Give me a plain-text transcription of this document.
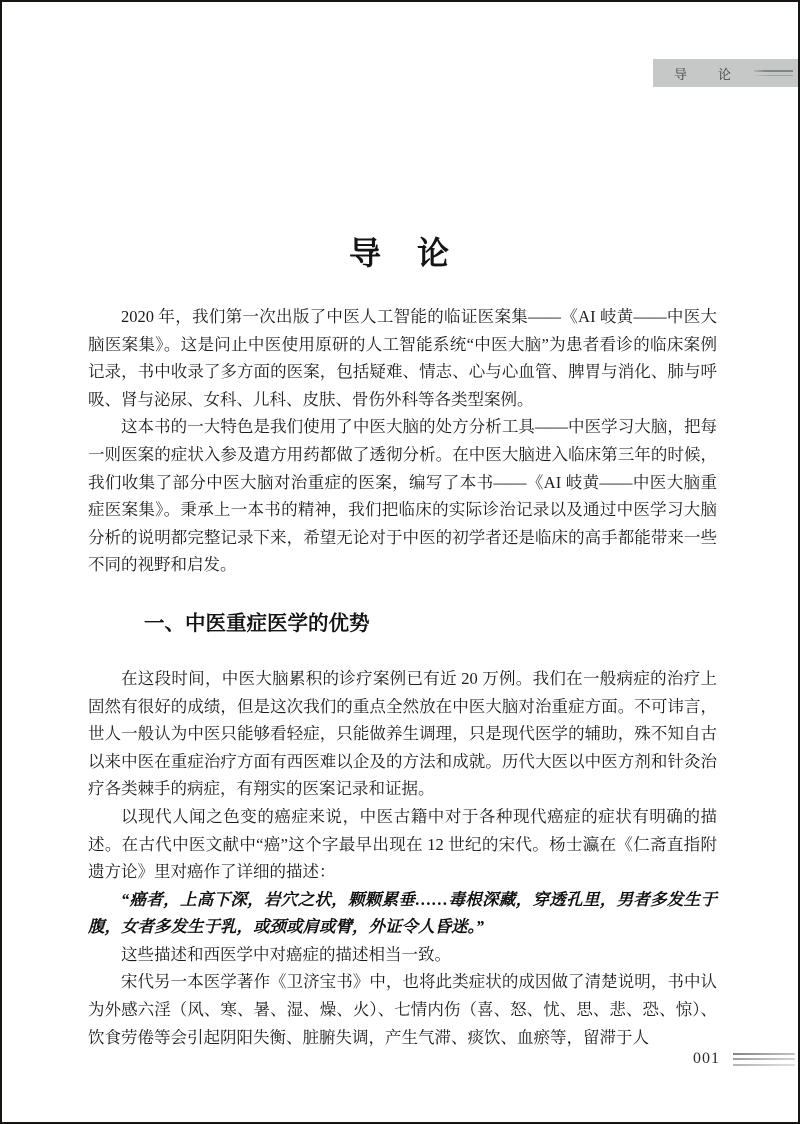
导　论
导　论

2020 年，我们第一次出版了中医人工智能的临证医案集——《AI 岐黄——中医大脑医案集》。这是问止中医使用原研的人工智能系统“中医大脑”为患者看诊的临床案例记录，书中收录了多方面的医案，包括疑难、情志、心与心血管、脾胃与消化、肺与呼吸、肾与泌尿、女科、儿科、皮肤、骨伤外科等各类型案例。

这本书的一大特色是我们使用了中医大脑的处方分析工具——中医学习大脑，把每一则医案的症状入参及遣方用药都做了透彻分析。在中医大脑进入临床第三年的时候，我们收集了部分中医大脑对治重症的医案，编写了本书——《AI 岐黄——中医大脑重症医案集》。秉承上一本书的精神，我们把临床的实际诊治记录以及通过中医学习大脑分析的说明都完整记录下来，希望无论对于中医的初学者还是临床的高手都能带来一些不同的视野和启发。

一、中医重症医学的优势

在这段时间，中医大脑累积的诊疗案例已有近 20 万例。我们在一般病症的治疗上固然有很好的成绩，但是这次我们的重点全然放在中医大脑对治重症方面。不可讳言，世人一般认为中医只能够看轻症，只能做养生调理，只是现代医学的辅助，殊不知自古以来中医在重症治疗方面有西医难以企及的方法和成就。历代大医以中医方剂和针灸治疗各类棘手的病症，有翔实的医案记录和证据。

以现代人闻之色变的癌症来说，中医古籍中对于各种现代癌症的症状有明确的描述。在古代中医文献中“癌”这个字最早出现在 12 世纪的宋代。杨士瀛在《仁斋直指附遗方论》里对癌作了详细的描述：

“癌者，上高下深，岩穴之状，颗颗累垂……毒根深藏，穿透孔里，男者多发生于腹，女者多发生于乳，或颈或肩或臂，外证令人昏迷。”

这些描述和西医学中对癌症的描述相当一致。

宋代另一本医学著作《卫济宝书》中，也将此类症状的成因做了清楚说明，书中认为外感六淫（风、寒、暑、湿、燥、火）、七情内伤（喜、怒、忧、思、悲、恐、惊）、饮食劳倦等会引起阴阳失衡、脏腑失调，产生气滞、痰饮、血瘀等，留滞于人

001
